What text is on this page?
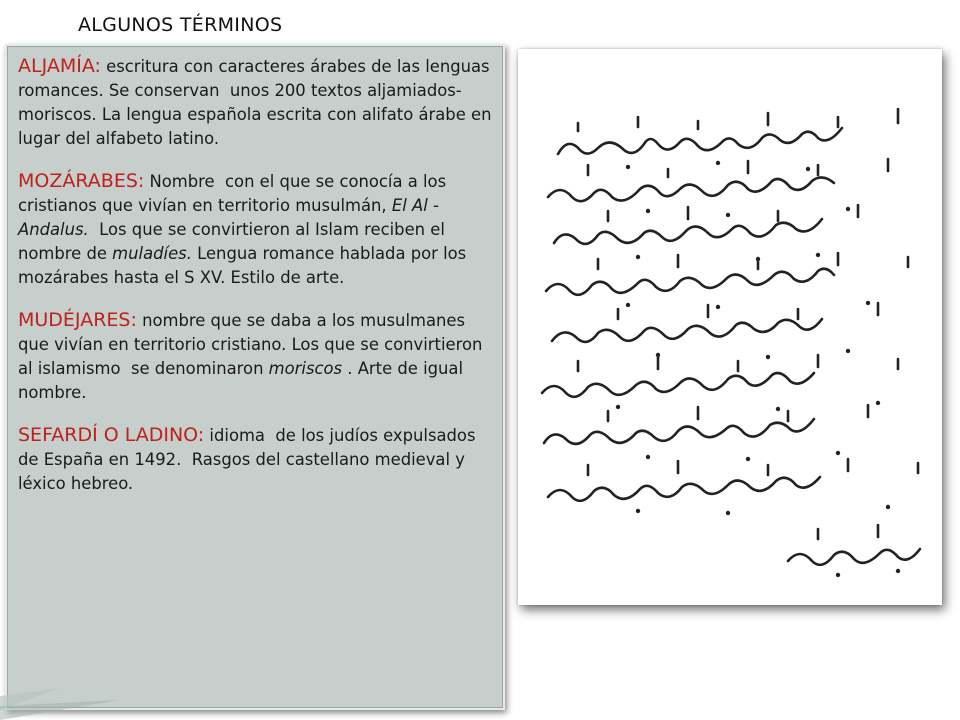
ALGUNOS TÉRMINOS

ALJAMÍA: escritura con caracteres árabes de las lenguas romances. Se conservan  unos 200 textos aljamiados-moriscos. La lengua española escrita con alifato árabe en lugar del alfabeto latino.

MOZÁRABES: Nombre  con el que se conocía a los cristianos que vivían en territorio musulmán, El Al -Andalus.  Los que se convirtieron al Islam reciben el nombre de muladíes. Lengua romance hablada por los mozárabes hasta el S XV. Estilo de arte.

MUDÉJARES: nombre que se daba a los musulmanes que vivían en territorio cristiano. Los que se convirtieron al islamismo  se denominaron moriscos . Arte de igual nombre.

SEFARDÍ O LADINO: idioma  de los judíos expulsados de España en 1492.  Rasgos del castellano medieval y léxico hebreo.
